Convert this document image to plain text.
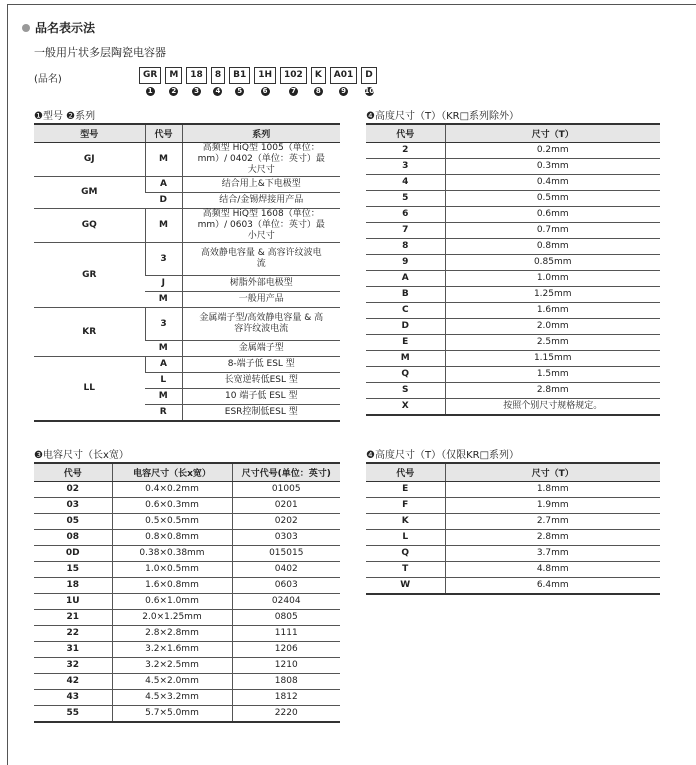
品名表示法
一般用片状多层陶瓷电容器
(品名)	GR
1
M
2
18
3
8
4
B1
5
1H
6
102
7
K
8
A01
9
D
10
❶型号 ❷系列
型号	代号	系列
GJ	M	高频型 HiQ型 1005（单位：mm）/ 0402（单位：英寸）最大尺寸
GM	A	结合用上&下电极型
	D	结合/金锡焊接用产品
GQ	M	高频型 HiQ型 1608（单位：mm）/ 0603（单位：英寸）最小尺寸
GR	3	高效静电容量 & 高容许纹波电流
	J	树脂外部电极型
	M	一般用产品
KR	3	金属端子型/高效静电容量 & 高容许纹波电流
	M	金属端子型
LL	A	8-端子低 ESL 型
	L	长宽逆转低ESL 型
	M	10 端子低 ESL 型
	R	ESR控制低ESL 型
❸电容尺寸（长x宽）
代号	电容尺寸（长x宽）	尺寸代号(单位：英寸)
02	0.4×0.2mm	01005
03	0.6×0.3mm	0201
05	0.5×0.5mm	0202
08	0.8×0.8mm	0303
0D	0.38×0.38mm	015015
15	1.0×0.5mm	0402
18	1.6×0.8mm	0603
1U	0.6×1.0mm	02404
21	2.0×1.25mm	0805
22	2.8×2.8mm	1111
31	3.2×1.6mm	1206
32	3.2×2.5mm	1210
42	4.5×2.0mm	1808
43	4.5×3.2mm	1812
55	5.7×5.0mm	2220
❹高度尺寸（T）（KR□系列除外）
代号	尺寸（T）
2	0.2mm
3	0.3mm
4	0.4mm
5	0.5mm
6	0.6mm
7	0.7mm
8	0.8mm
9	0.85mm
A	1.0mm
B	1.25mm
C	1.6mm
D	2.0mm
E	2.5mm
M	1.15mm
Q	1.5mm
S	2.8mm
X	按照个别尺寸规格规定。
❹高度尺寸（T）（仅限KR□系列）
代号	尺寸（T）
E	1.8mm
F	1.9mm
K	2.7mm
L	2.8mm
Q	3.7mm
T	4.8mm
W	6.4mm
